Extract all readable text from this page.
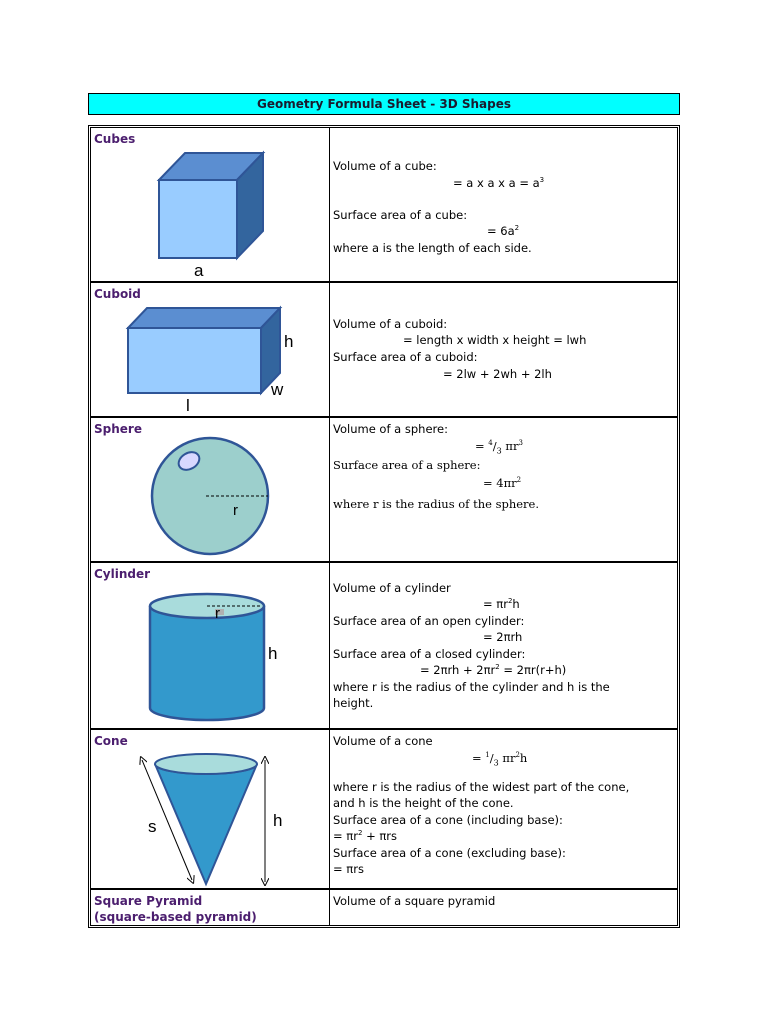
Geometry Formula Sheet - 3D Shapes
Cubes
a
Volume of a cube:
= a x a x $a = a^3$
Surface area of a cube:
= $6a^2$
where a is the length of each side.
Cuboid
h
w
l
Volume of a cuboid:
= length x width x height = lwh
Surface area of a cuboid:
= 2lw + 2wh + 2lh
Sphere
r
Volume of a sphere:
= $^4/_3$ $\pi r^3$
Surface area of a sphere:
= $4\pi r^2$
where r is the radius of the sphere.
Cylinder
r
h
Volume of a cylinder
= $\pi r^2h$
Surface area of an open cylinder:
= 2πrh
Surface area of a closed cylinder:
= $2\pi rh + 2\pi r^2 = 2\pi r(r+h)$
where r is the radius of the cylinder and h is the
height.
Cone
s	h
Volume of a cone
= $^1/_3$ $\pi r^2h$
where r is the radius of the widest part of the cone,
and h is the height of the cone.
Surface area of a cone (including base):
= $\pi r^2 + \pi rs$
Surface area of a cone (excluding base):
= πrs
Square Pyramid
(square-based pyramid)
Volume of a square pyramid
